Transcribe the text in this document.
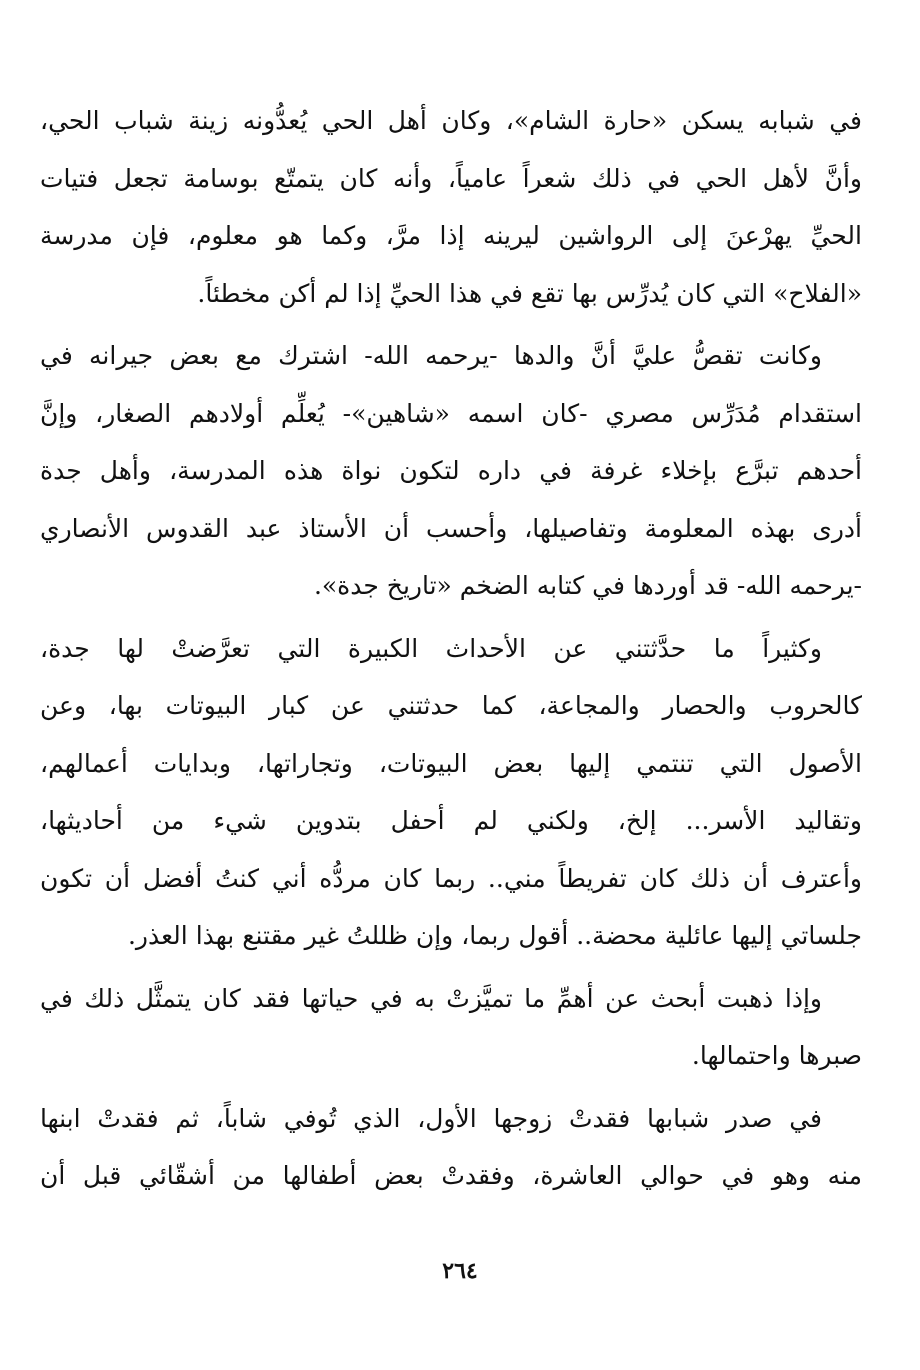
في شبابه يسكن «حارة الشام»، وكان أهل الحي يُعدُّونه زينة شباب الحي،
وأنَّ لأهل الحي في ذلك شعراً عامياً، وأنه كان يتمتّع بوسامة تجعل فتيات
الحيِّ يهرْعنَ إلى الرواشين ليرينه إذا مرَّ، وكما هو معلوم، فإن مدرسة
«الفلاح» التي كان يُدرِّس بها تقع في هذا الحيِّ إذا لم أكن مخطئاً.
وكانت تقصُّ عليَّ أنَّ والدها -يرحمه الله- اشترك مع بعض جيرانه في
استقدام مُدَرِّس مصري -كان اسمه «شاهين»- يُعلِّم أولادهم الصغار، وإنَّ
أحدهم تبرَّع بإخلاء غرفة في داره لتكون نواة هذه المدرسة، وأهل جدة
أدرى بهذه المعلومة وتفاصيلها، وأحسب أن الأستاذ عبد القدوس الأنصاري
-يرحمه الله- قد أوردها في كتابه الضخم «تاريخ جدة».
وكثيراً ما حدَّثتني عن الأحداث الكبيرة التي تعرَّضتْ لها جدة،
كالحروب والحصار والمجاعة، كما حدثتني عن كبار البيوتات بها، وعن
الأصول التي تنتمي إليها بعض البيوتات، وتجاراتها، وبدايات أعمالهم،
وتقاليد الأسر... إلخ، ولكني لم أحفل بتدوين شيء من أحاديثها،
وأعترف أن ذلك كان تفريطاً مني.. ربما كان مردُّه أني كنتُ أفضل أن تكون
جلساتي إليها عائلية محضة.. أقول ربما، وإن ظللتُ غير مقتنع بهذا العذر.
وإذا ذهبت أبحث عن أهمِّ ما تميَّزتْ به في حياتها فقد كان يتمثَّل ذلك في
صبرها واحتمالها.
في صدر شبابها فقدتْ زوجها الأول، الذي تُوفي شاباً، ثم فقدتْ ابنها
منه وهو في حوالي العاشرة، وفقدتْ بعض أطفالها من أشقّائي قبل أن
٢٦٤
